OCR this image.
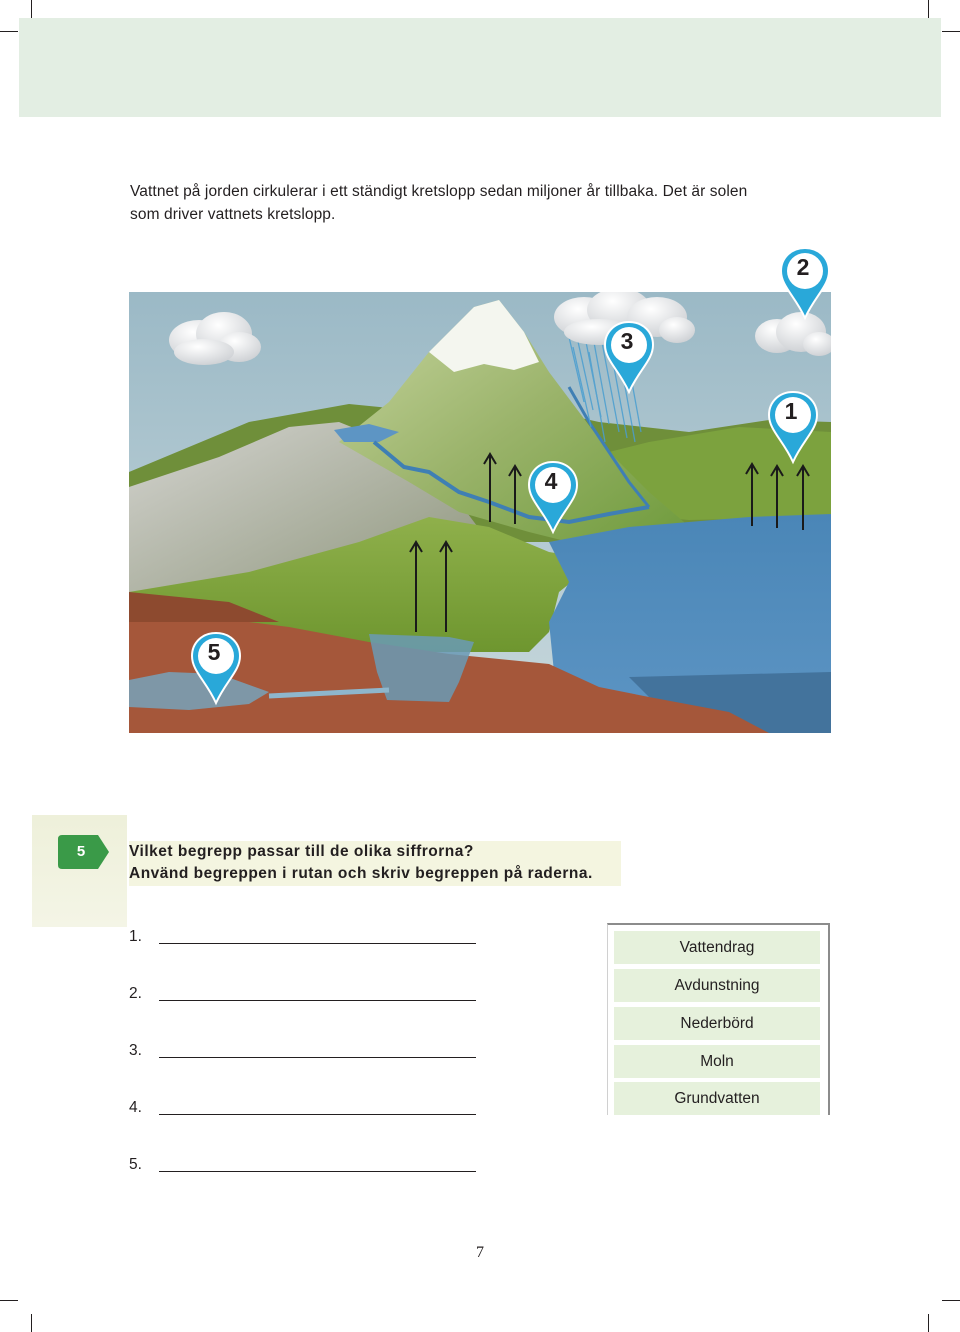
Vattnet på jorden cirkulerar i ett ständigt kretslopp sedan miljoner år tillbaka. Det är solen
som driver vattnets kretslopp.
2
3
1
4
5
5	Vilket begrepp passar till de olika siffrorna?
Använd begreppen i rutan och skriv begreppen på raderna.
1.
2.
3.
4.
5.
Vattendrag
Avdunstning
Nederbörd
Moln
Grundvatten
7
